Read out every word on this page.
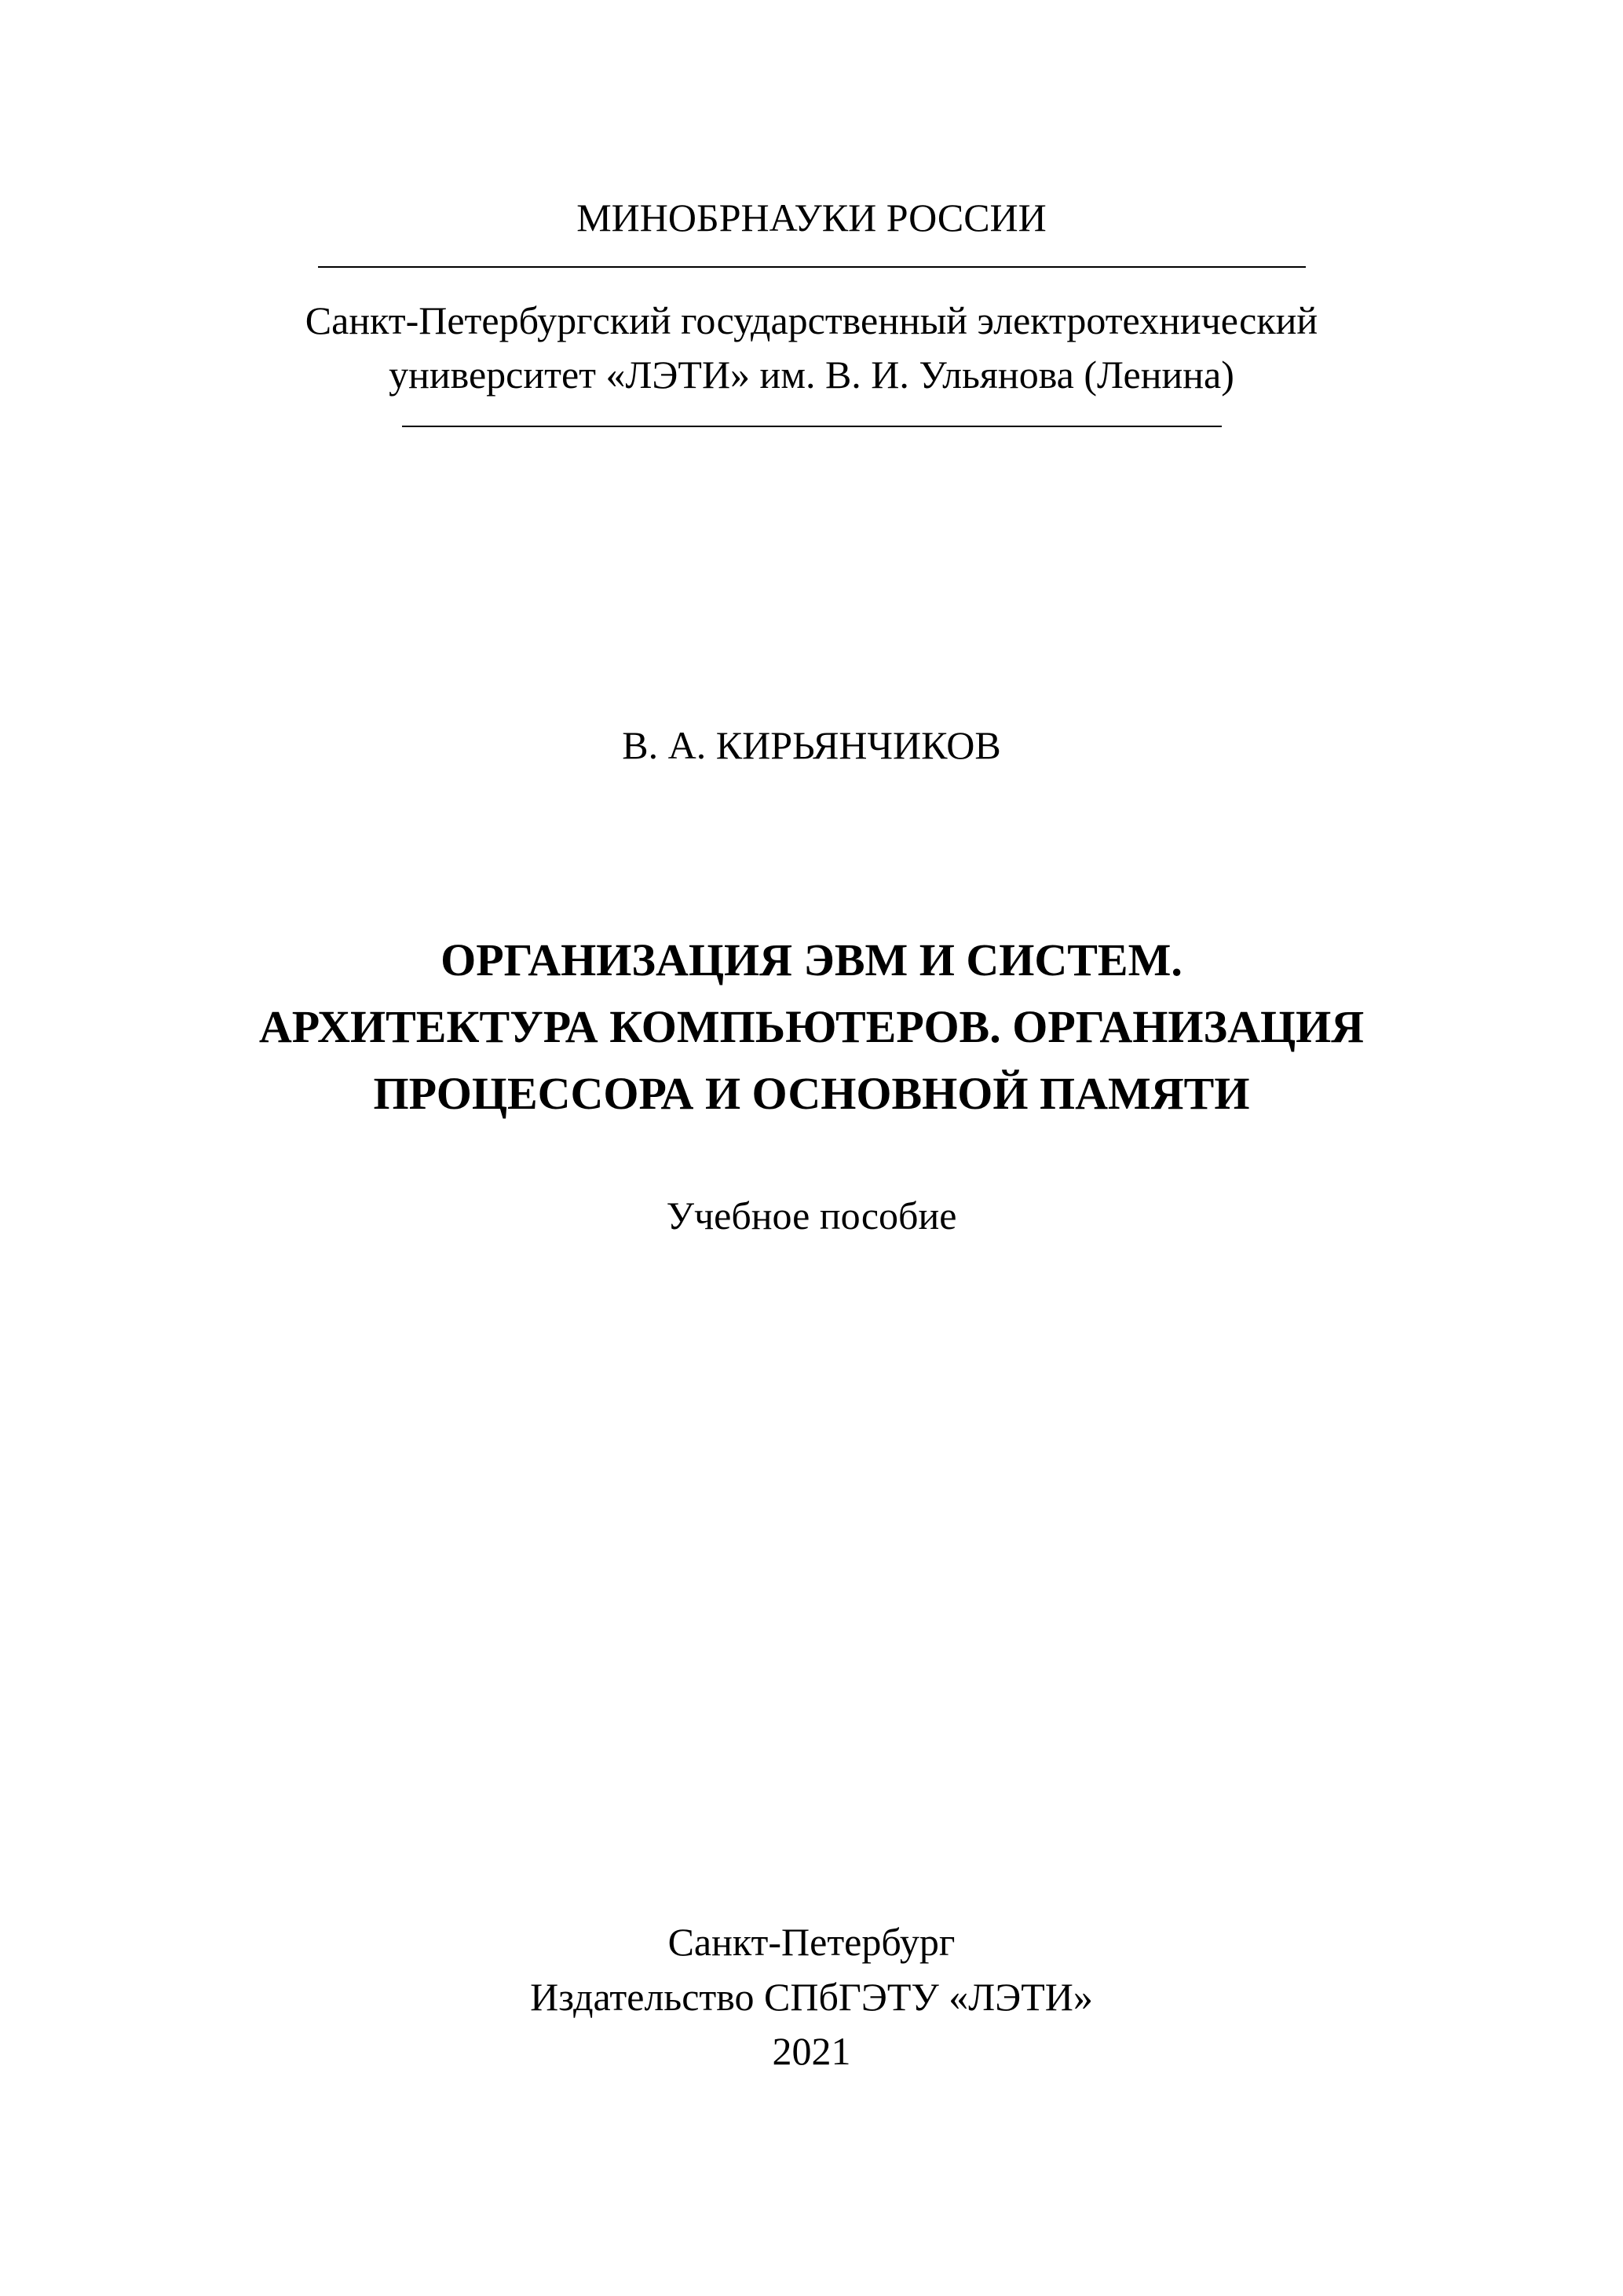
МИНОБРНАУКИ РОССИИ
Санкт-Петербургский государственный электротехнический
университет «ЛЭТИ» им. В. И. Ульянова (Ленина)
В. А. КИРЬЯНЧИКОВ
ОРГАНИЗАЦИЯ ЭВМ И СИСТЕМ.
АРХИТЕКТУРА КОМПЬЮТЕРОВ. ОРГАНИЗАЦИЯ
ПРОЦЕССОРА И ОСНОВНОЙ ПАМЯТИ
Учебное пособие
Санкт-Петербург
Издательство СПбГЭТУ «ЛЭТИ»
2021
